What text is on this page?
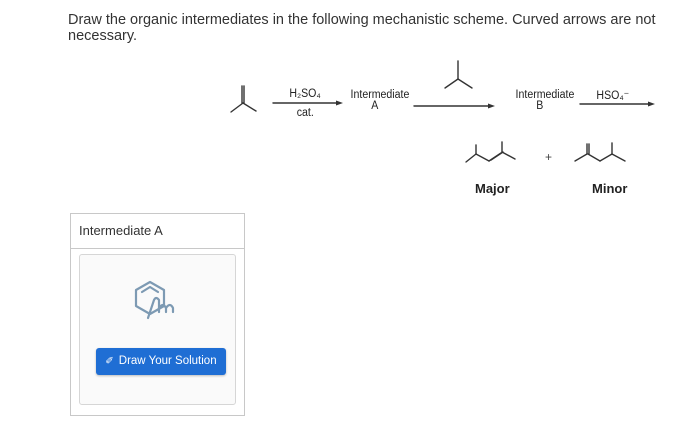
Draw the organic intermediates in the following mechanistic scheme. Curved arrows are not necessary.
H₂SO₄
cat.
Intermediate
A
Intermediate
B
HSO₄⁻
+
Major	Minor
Intermediate A
✐ Draw Your Solution
